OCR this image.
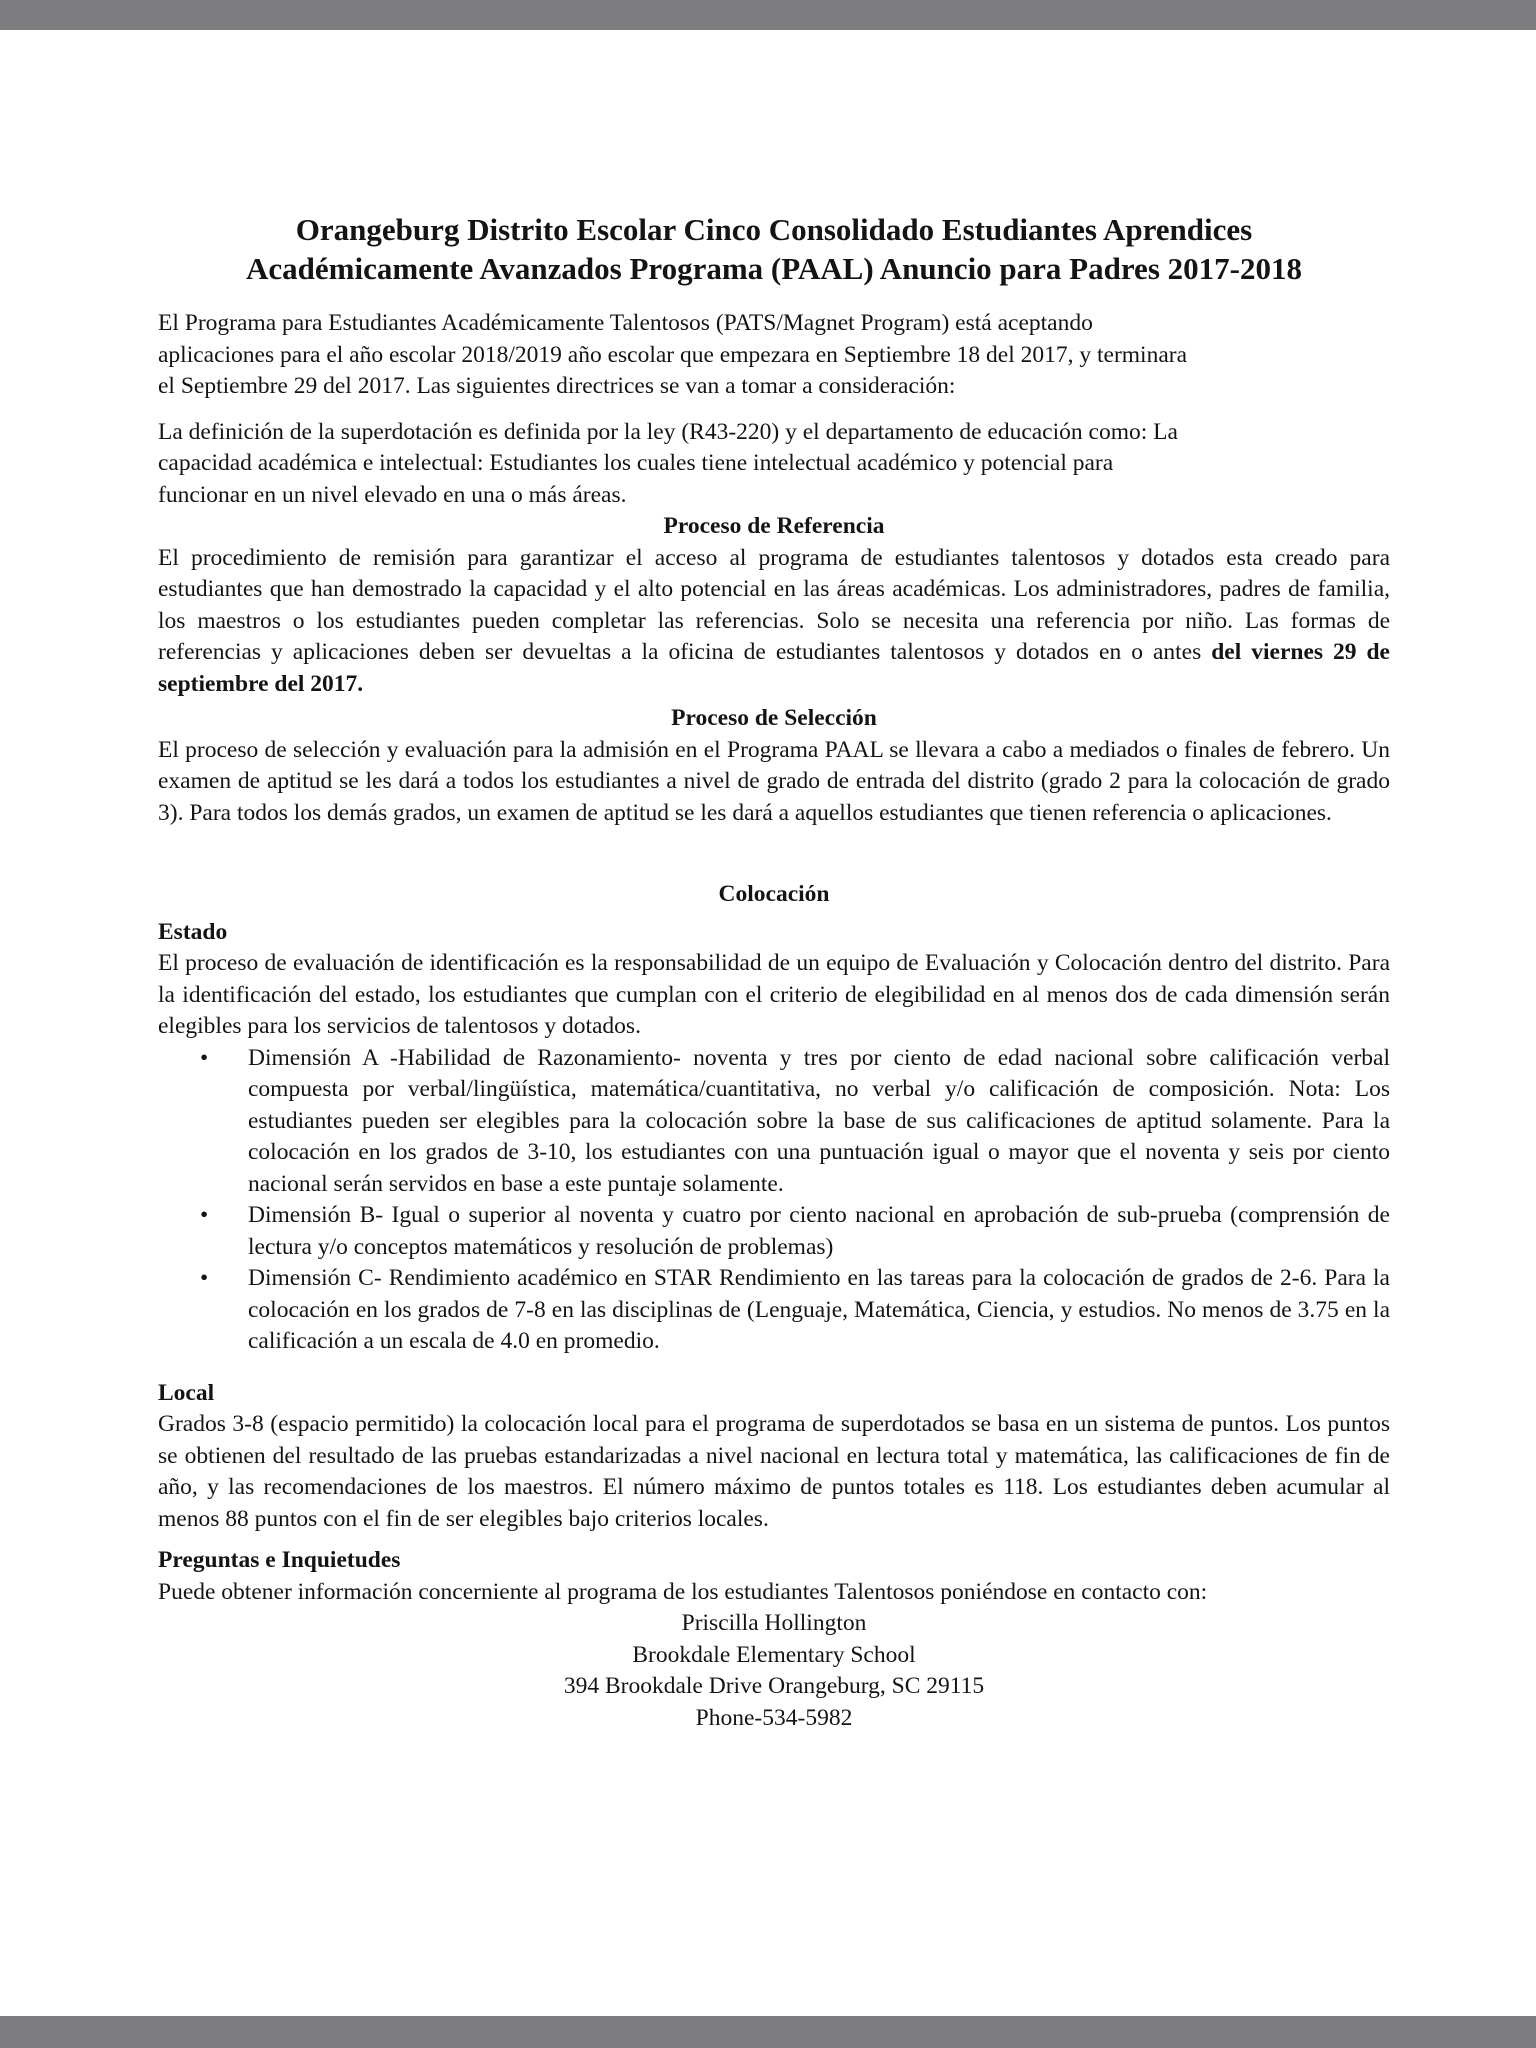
Orangeburg Distrito Escolar Cinco Consolidado Estudiantes Aprendices
Académicamente Avanzados Programa (PAAL) Anuncio para Padres 2017-2018

El Programa para Estudiantes Académicamente Talentosos (PATS/Magnet Program) está aceptando
aplicaciones para el año escolar 2018/2019 año escolar que empezara en Septiembre 18 del 2017, y terminara
el Septiembre 29 del 2017. Las siguientes directrices se van a tomar a consideración:

La definición de la superdotación es definida por la ley (R43-220) y el departamento de educación como: La
capacidad académica e intelectual: Estudiantes los cuales tiene intelectual académico y potencial para
funcionar en un nivel elevado en una o más áreas.

Proceso de Referencia

El procedimiento de remisión para garantizar el acceso al programa de estudiantes talentosos y dotados esta creado para estudiantes que han demostrado la capacidad y el alto potencial en las áreas académicas. Los administradores, padres de familia, los maestros o los estudiantes pueden completar las referencias. Solo se necesita una referencia por niño. Las formas de referencias y aplicaciones deben ser devueltas a la oficina de estudiantes talentosos y dotados en o antes del viernes 29 de septiembre del 2017.

Proceso de Selección

El proceso de selección y evaluación para la admisión en el Programa PAAL se llevara a cabo a mediados o finales de febrero. Un examen de aptitud se les dará a todos los estudiantes a nivel de grado de entrada del distrito (grado 2 para la colocación de grado 3). Para todos los demás grados, un examen de aptitud se les dará a aquellos estudiantes que tienen referencia o aplicaciones.

Colocación
Estado

El proceso de evaluación de identificación es la responsabilidad de un equipo de Evaluación y Colocación dentro del distrito. Para la identificación del estado, los estudiantes que cumplan con el criterio de elegibilidad en al menos dos de cada dimensión serán elegibles para los servicios de talentosos y dotados.

• Dimensión A -Habilidad de Razonamiento- noventa y tres por ciento de edad nacional sobre calificación verbal compuesta por verbal/lingüística, matemática/cuantitativa, no verbal y/o calificación de composición. Nota: Los estudiantes pueden ser elegibles para la colocación sobre la base de sus calificaciones de aptitud solamente. Para la colocación en los grados de 3-10, los estudiantes con una puntuación igual o mayor que el noventa y seis por ciento nacional serán servidos en base a este puntaje solamente.
• Dimensión B- Igual o superior al noventa y cuatro por ciento nacional en aprobación de sub-prueba (comprensión de lectura y/o conceptos matemáticos y resolución de problemas)
• Dimensión C- Rendimiento académico en STAR Rendimiento en las tareas para la colocación de grados de 2-6. Para la colocación en los grados de 7-8 en las disciplinas de (Lenguaje, Matemática, Ciencia, y estudios. No menos de 3.75 en la calificación a un escala de 4.0 en promedio.
Local

Grados 3-8 (espacio permitido) la colocación local para el programa de superdotados se basa en un sistema de puntos. Los puntos se obtienen del resultado de las pruebas estandarizadas a nivel nacional en lectura total y matemática, las calificaciones de fin de año, y las recomendaciones de los maestros. El número máximo de puntos totales es 118. Los estudiantes deben acumular al menos 88 puntos con el fin de ser elegibles bajo criterios locales.

Preguntas e Inquietudes

Puede obtener información concerniente al programa de los estudiantes Talentosos poniéndose en contacto con:

Priscilla Hollington
Brookdale Elementary School
394 Brookdale Drive Orangeburg, SC 29115
Phone-534-5982
